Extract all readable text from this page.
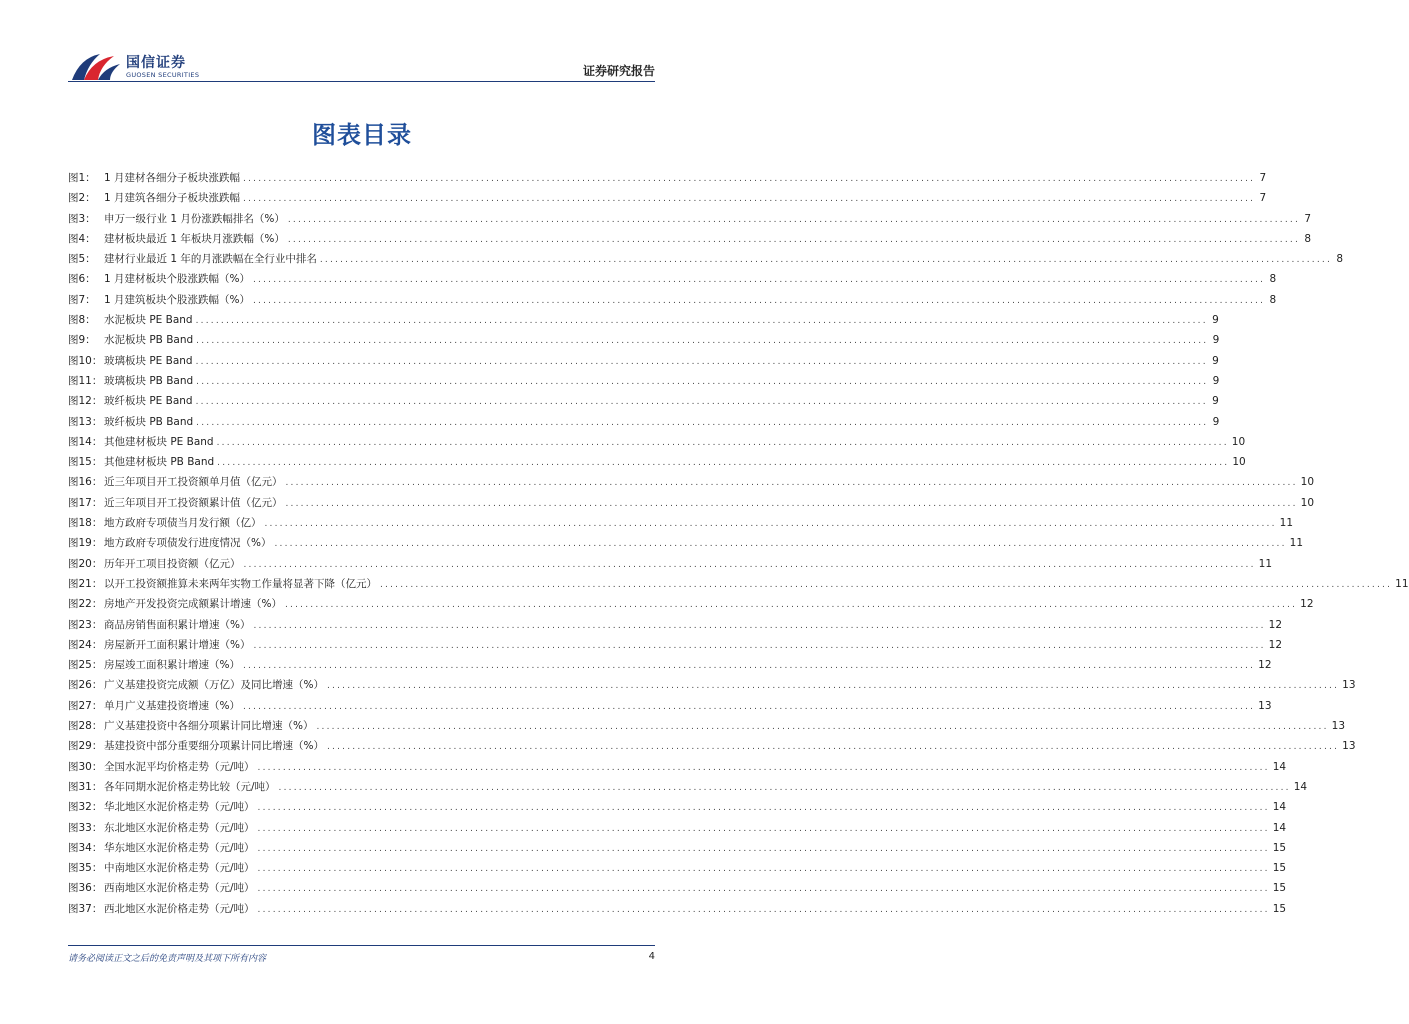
国信证券
GUOSEN SECURITIES	证券研究报告
图表目录
图1： 1 月建材各细分子板块涨跌幅 ........................................................................................................................................................................................................ 7
图2： 1 月建筑各细分子板块涨跌幅 ........................................................................................................................................................................................................ 7
图3： 申万一级行业 1 月份涨跌幅排名（%） ........................................................................................................................................................................................................ 7
图4： 建材板块最近 1 年板块月涨跌幅（%） ........................................................................................................................................................................................................ 8
图5： 建材行业最近 1 年的月涨跌幅在全行业中排名 ........................................................................................................................................................................................................ 8
图6： 1 月建材板块个股涨跌幅（%） ........................................................................................................................................................................................................ 8
图7： 1 月建筑板块个股涨跌幅（%） ........................................................................................................................................................................................................ 8
图8： 水泥板块 PE Band ........................................................................................................................................................................................................ 9
图9： 水泥板块 PB Band ........................................................................................................................................................................................................ 9
图10： 玻璃板块 PE Band ........................................................................................................................................................................................................ 9
图11： 玻璃板块 PB Band ........................................................................................................................................................................................................ 9
图12： 玻纤板块 PE Band ........................................................................................................................................................................................................ 9
图13： 玻纤板块 PB Band ........................................................................................................................................................................................................ 9
图14： 其他建材板块 PE Band ........................................................................................................................................................................................................ 10
图15： 其他建材板块 PB Band ........................................................................................................................................................................................................ 10
图16： 近三年项目开工投资额单月值（亿元） ........................................................................................................................................................................................................ 10
图17： 近三年项目开工投资额累计值（亿元） ........................................................................................................................................................................................................ 10
图18： 地方政府专项债当月发行额（亿） ........................................................................................................................................................................................................ 11
图19： 地方政府专项债发行进度情况（%） ........................................................................................................................................................................................................ 11
图20： 历年开工项目投资额（亿元） ........................................................................................................................................................................................................ 11
图21： 以开工投资额推算未来两年实物工作量将显著下降（亿元） ........................................................................................................................................................................................................ 11
图22： 房地产开发投资完成额累计增速（%） ........................................................................................................................................................................................................ 12
图23： 商品房销售面积累计增速（%） ........................................................................................................................................................................................................ 12
图24： 房屋新开工面积累计增速（%） ........................................................................................................................................................................................................ 12
图25： 房屋竣工面积累计增速（%） ........................................................................................................................................................................................................ 12
图26： 广义基建投资完成额（万亿）及同比增速（%） ........................................................................................................................................................................................................ 13
图27： 单月广义基建投资增速（%） ........................................................................................................................................................................................................ 13
图28： 广义基建投资中各细分项累计同比增速（%） ........................................................................................................................................................................................................ 13
图29： 基建投资中部分重要细分项累计同比增速（%） ........................................................................................................................................................................................................ 13
图30： 全国水泥平均价格走势（元/吨） ........................................................................................................................................................................................................ 14
图31： 各年同期水泥价格走势比较（元/吨） ........................................................................................................................................................................................................ 14
图32： 华北地区水泥价格走势（元/吨） ........................................................................................................................................................................................................ 14
图33： 东北地区水泥价格走势（元/吨） ........................................................................................................................................................................................................ 14
图34： 华东地区水泥价格走势（元/吨） ........................................................................................................................................................................................................ 15
图35： 中南地区水泥价格走势（元/吨） ........................................................................................................................................................................................................ 15
图36： 西南地区水泥价格走势（元/吨） ........................................................................................................................................................................................................ 15
图37： 西北地区水泥价格走势（元/吨） ........................................................................................................................................................................................................ 15
请务必阅读正文之后的免责声明及其项下所有内容	4
